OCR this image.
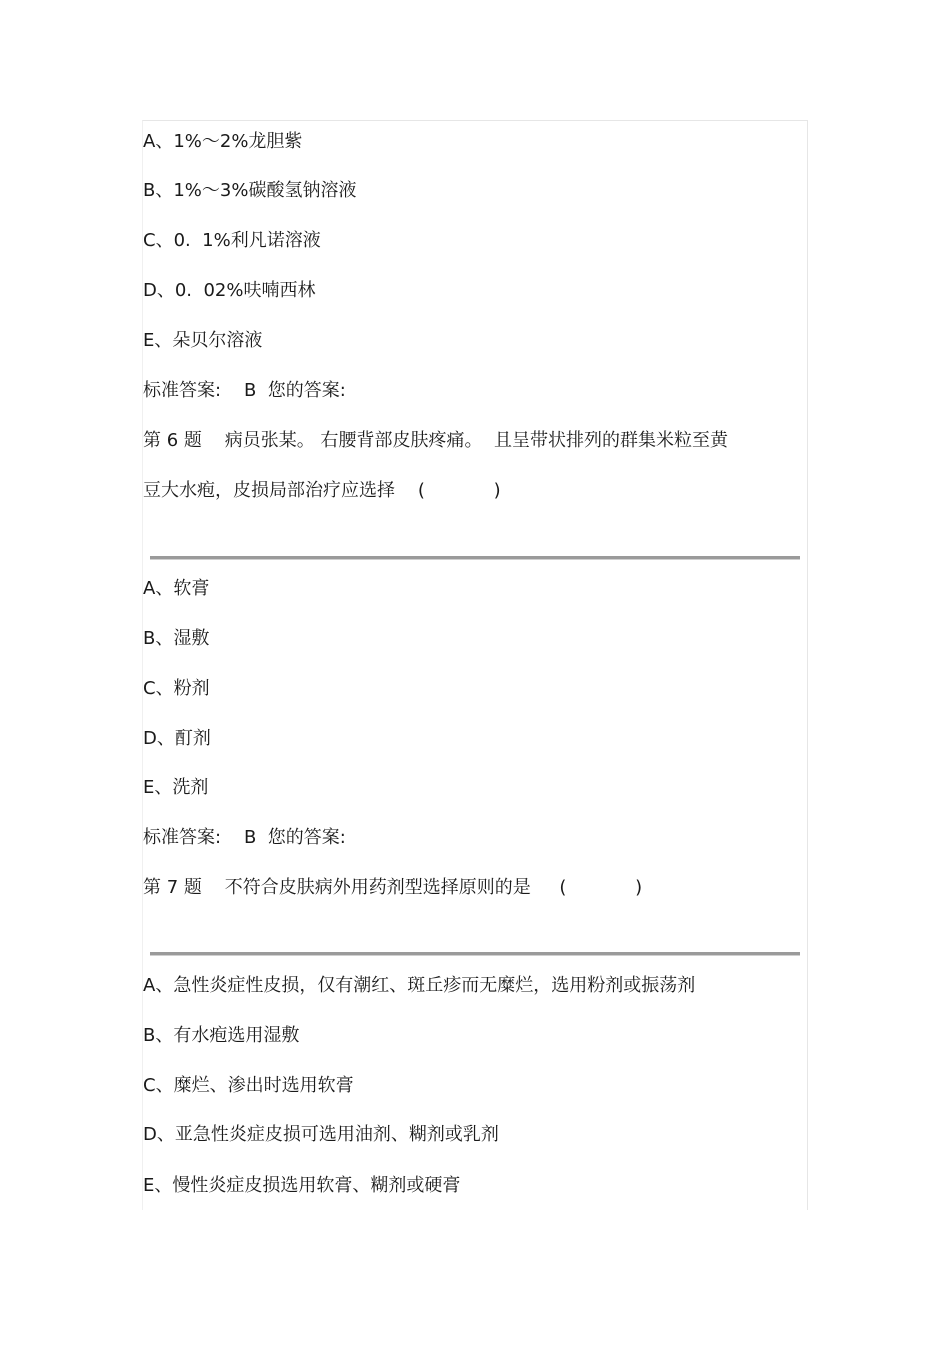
A、1%～2%龙胆紫
B、1%～3%碳酸氢钠溶液
C、0.  1%利凡诺溶液
D、0.  02%呋喃西林
E、朵贝尔溶液
标准答案:    B  您的答案:
第 6 题    病员张某。 右腰背部皮肤疼痛。  且呈带状排列的群集米粒至黄
豆大水疱，皮损局部治疗应选择    (            )
A、软膏
B、湿敷
C、粉剂
D、酊剂
E、洗剂
标准答案:    B  您的答案:
第 7 题    不符合皮肤病外用药剂型选择原则的是     (            )
A、急性炎症性皮损，仅有潮红、斑丘疹而无糜烂，选用粉剂或振荡剂
B、有水疱选用湿敷
C、糜烂、渗出时选用软膏
D、亚急性炎症皮损可选用油剂、糊剂或乳剂
E、慢性炎症皮损选用软膏、糊剂或硬膏
